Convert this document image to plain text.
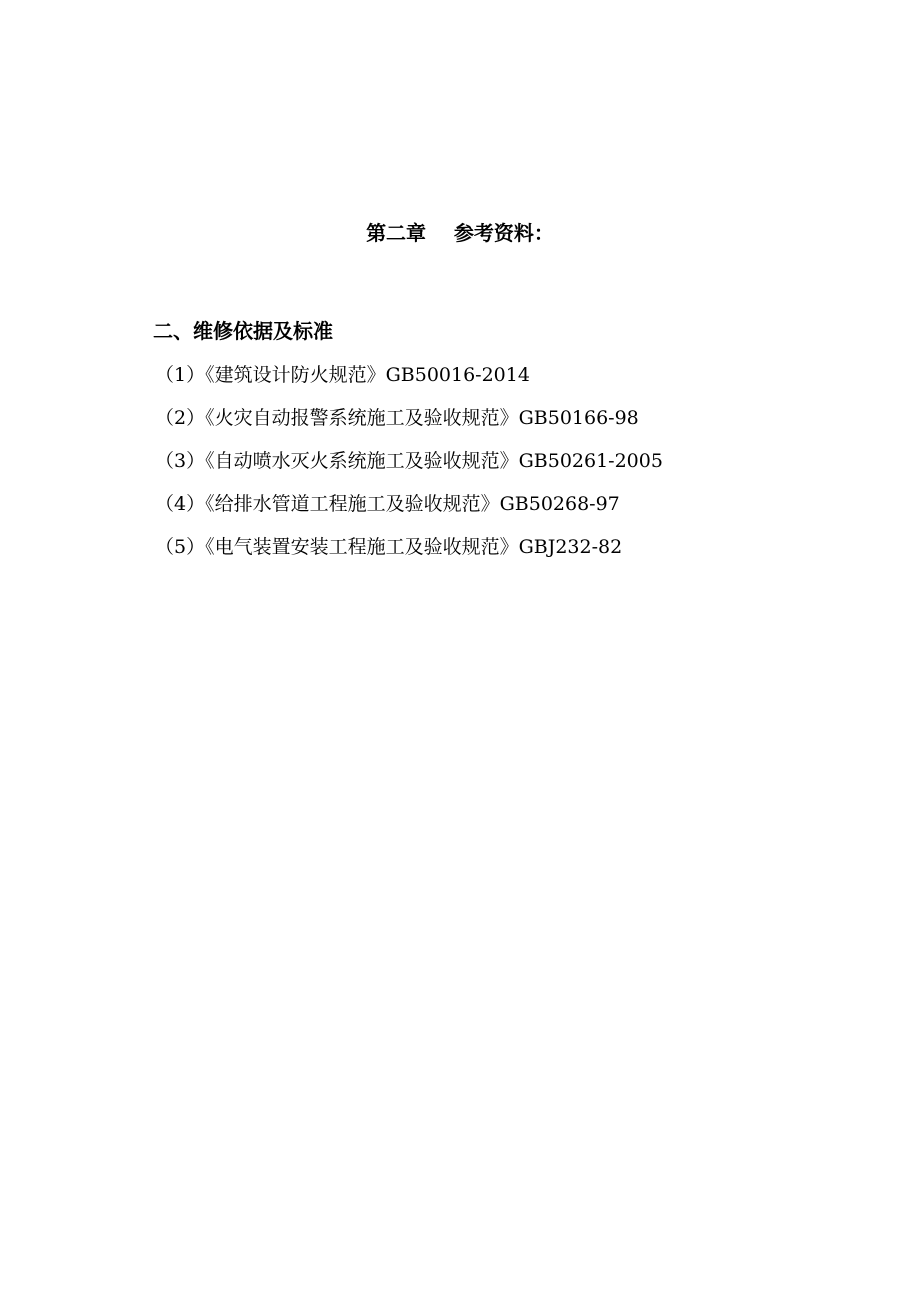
第二章    参考资料：
二、维修依据及标准
（1）《建筑设计防火规范》GB50016-2014
（2）《火灾自动报警系统施工及验收规范》GB50166-98
（3）《自动喷水灭火系统施工及验收规范》GB50261-2005
（4）《给排水管道工程施工及验收规范》GB50268-97
（5）《电气装置安装工程施工及验收规范》GBJ232-82
